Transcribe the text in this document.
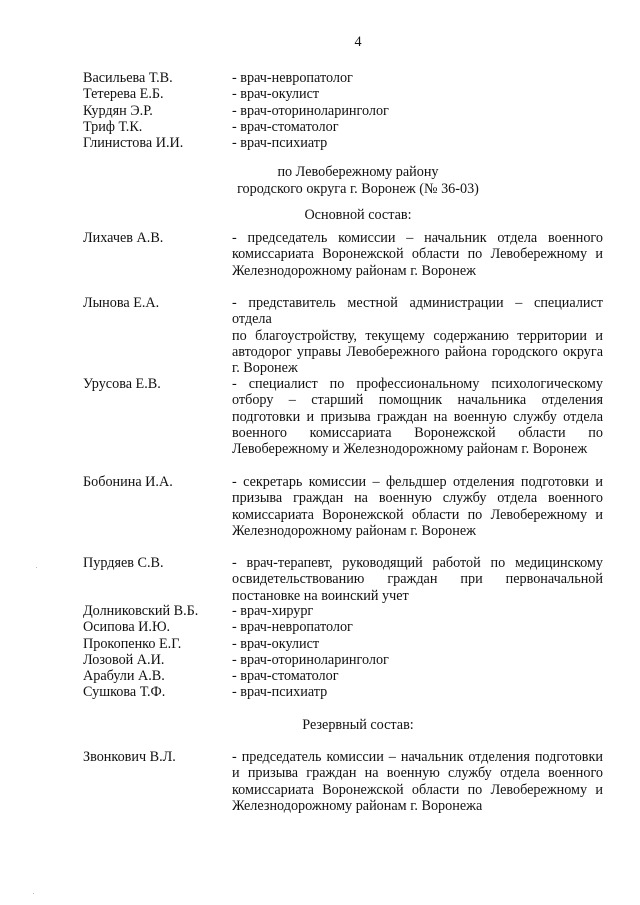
4
Васильева Т.В.	- врач-невропатолог
Тетерева Е.Б.	- врач-окулист
Курдян Э.Р.	- врач-оториноларинголог
Триф Т.К.	- врач-стоматолог
Глинистова И.И.	- врач-психиатр
по Левобережному району
городского округа г. Воронеж (№ 36-03)
Основной состав:
Лихачев А.В.	- председатель комиссии – начальник отдела военного
комиссариата Воронежской области по Левобережному и
Железнодорожному районам г. Воронеж
Лынова Е.А.	- представитель местной администрации – специалист отдела
по благоустройству, текущему содержанию территории и
автодорог управы Левобережного района городского округа
г. Воронеж
Урусова Е.В.	- специалист по профессиональному психологическому
отбору – старший помощник начальника отделения
подготовки и призыва граждан на военную службу отдела
военного комиссариата Воронежской области по
Левобережному и Железнодорожному районам г. Воронеж
Бобонина И.А.	- секретарь комиссии – фельдшер отделения подготовки и
призыва граждан на военную службу отдела военного
комиссариата Воронежской области по Левобережному и
Железнодорожному районам г. Воронеж
Пурдяев С.В.	- врач-терапевт, руководящий работой по медицинскому
освидетельствованию граждан при первоначальной
постановке на воинский учет
Долниковский В.Б.	- врач-хирург
Осипова И.Ю.	- врач-невропатолог
Прокопенко Е.Г.	- врач-окулист
Лозовой А.И.	- врач-оториноларинголог
Арабули А.В.	- врач-стоматолог
Сушкова Т.Ф.	- врач-психиатр
Резервный состав:
Звонкович В.Л.	- председатель комиссии – начальник отделения подготовки
и призыва граждан на военную службу отдела военного
комиссариата Воронежской области по Левобережному и
Железнодорожному районам г. Воронежа
